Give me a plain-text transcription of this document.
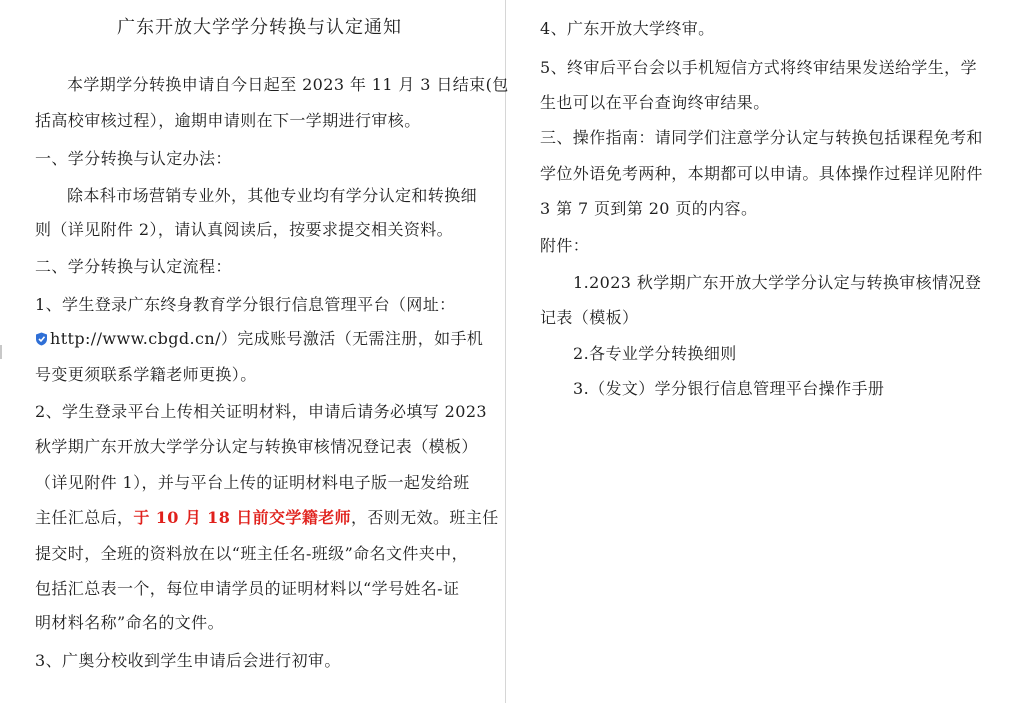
广东开放大学学分转换与认定通知
本学期学分转换申请自今日起至 2023 年 11 月 3 日结束(包
括高校审核过程），逾期申请则在下一学期进行审核。
一、学分转换与认定办法：
除本科市场营销专业外，其他专业均有学分认定和转换细
则（详见附件 2），请认真阅读后，按要求提交相关资料。
二、学分转换与认定流程：
1、学生登录广东终身教育学分银行信息管理平台（网址：
http://www.cbgd.cn/）完成账号激活（无需注册，如手机
号变更须联系学籍老师更换）。
2、学生登录平台上传相关证明材料，申请后请务必填写 2023
秋学期广东开放大学学分认定与转换审核情况登记表（模板）
（详见附件 1），并与平台上传的证明材料电子版一起发给班
主任汇总后，于 10 月 18 日前交学籍老师，否则无效。班主任
提交时，全班的资料放在以“班主任名-班级”命名文件夹中，
包括汇总表一个，每位申请学员的证明材料以“学号姓名-证
明材料名称”命名的文件。
3、广奥分校收到学生申请后会进行初审。
4、广东开放大学终审。
5、终审后平台会以手机短信方式将终审结果发送给学生，学
生也可以在平台查询终审结果。
三、操作指南：请同学们注意学分认定与转换包括课程免考和
学位外语免考两种，本期都可以申请。具体操作过程详见附件
3 第 7 页到第 20 页的内容。
附件：
1.2023 秋学期广东开放大学学分认定与转换审核情况登
记表（模板）
2.各专业学分转换细则
3.（发文）学分银行信息管理平台操作手册
